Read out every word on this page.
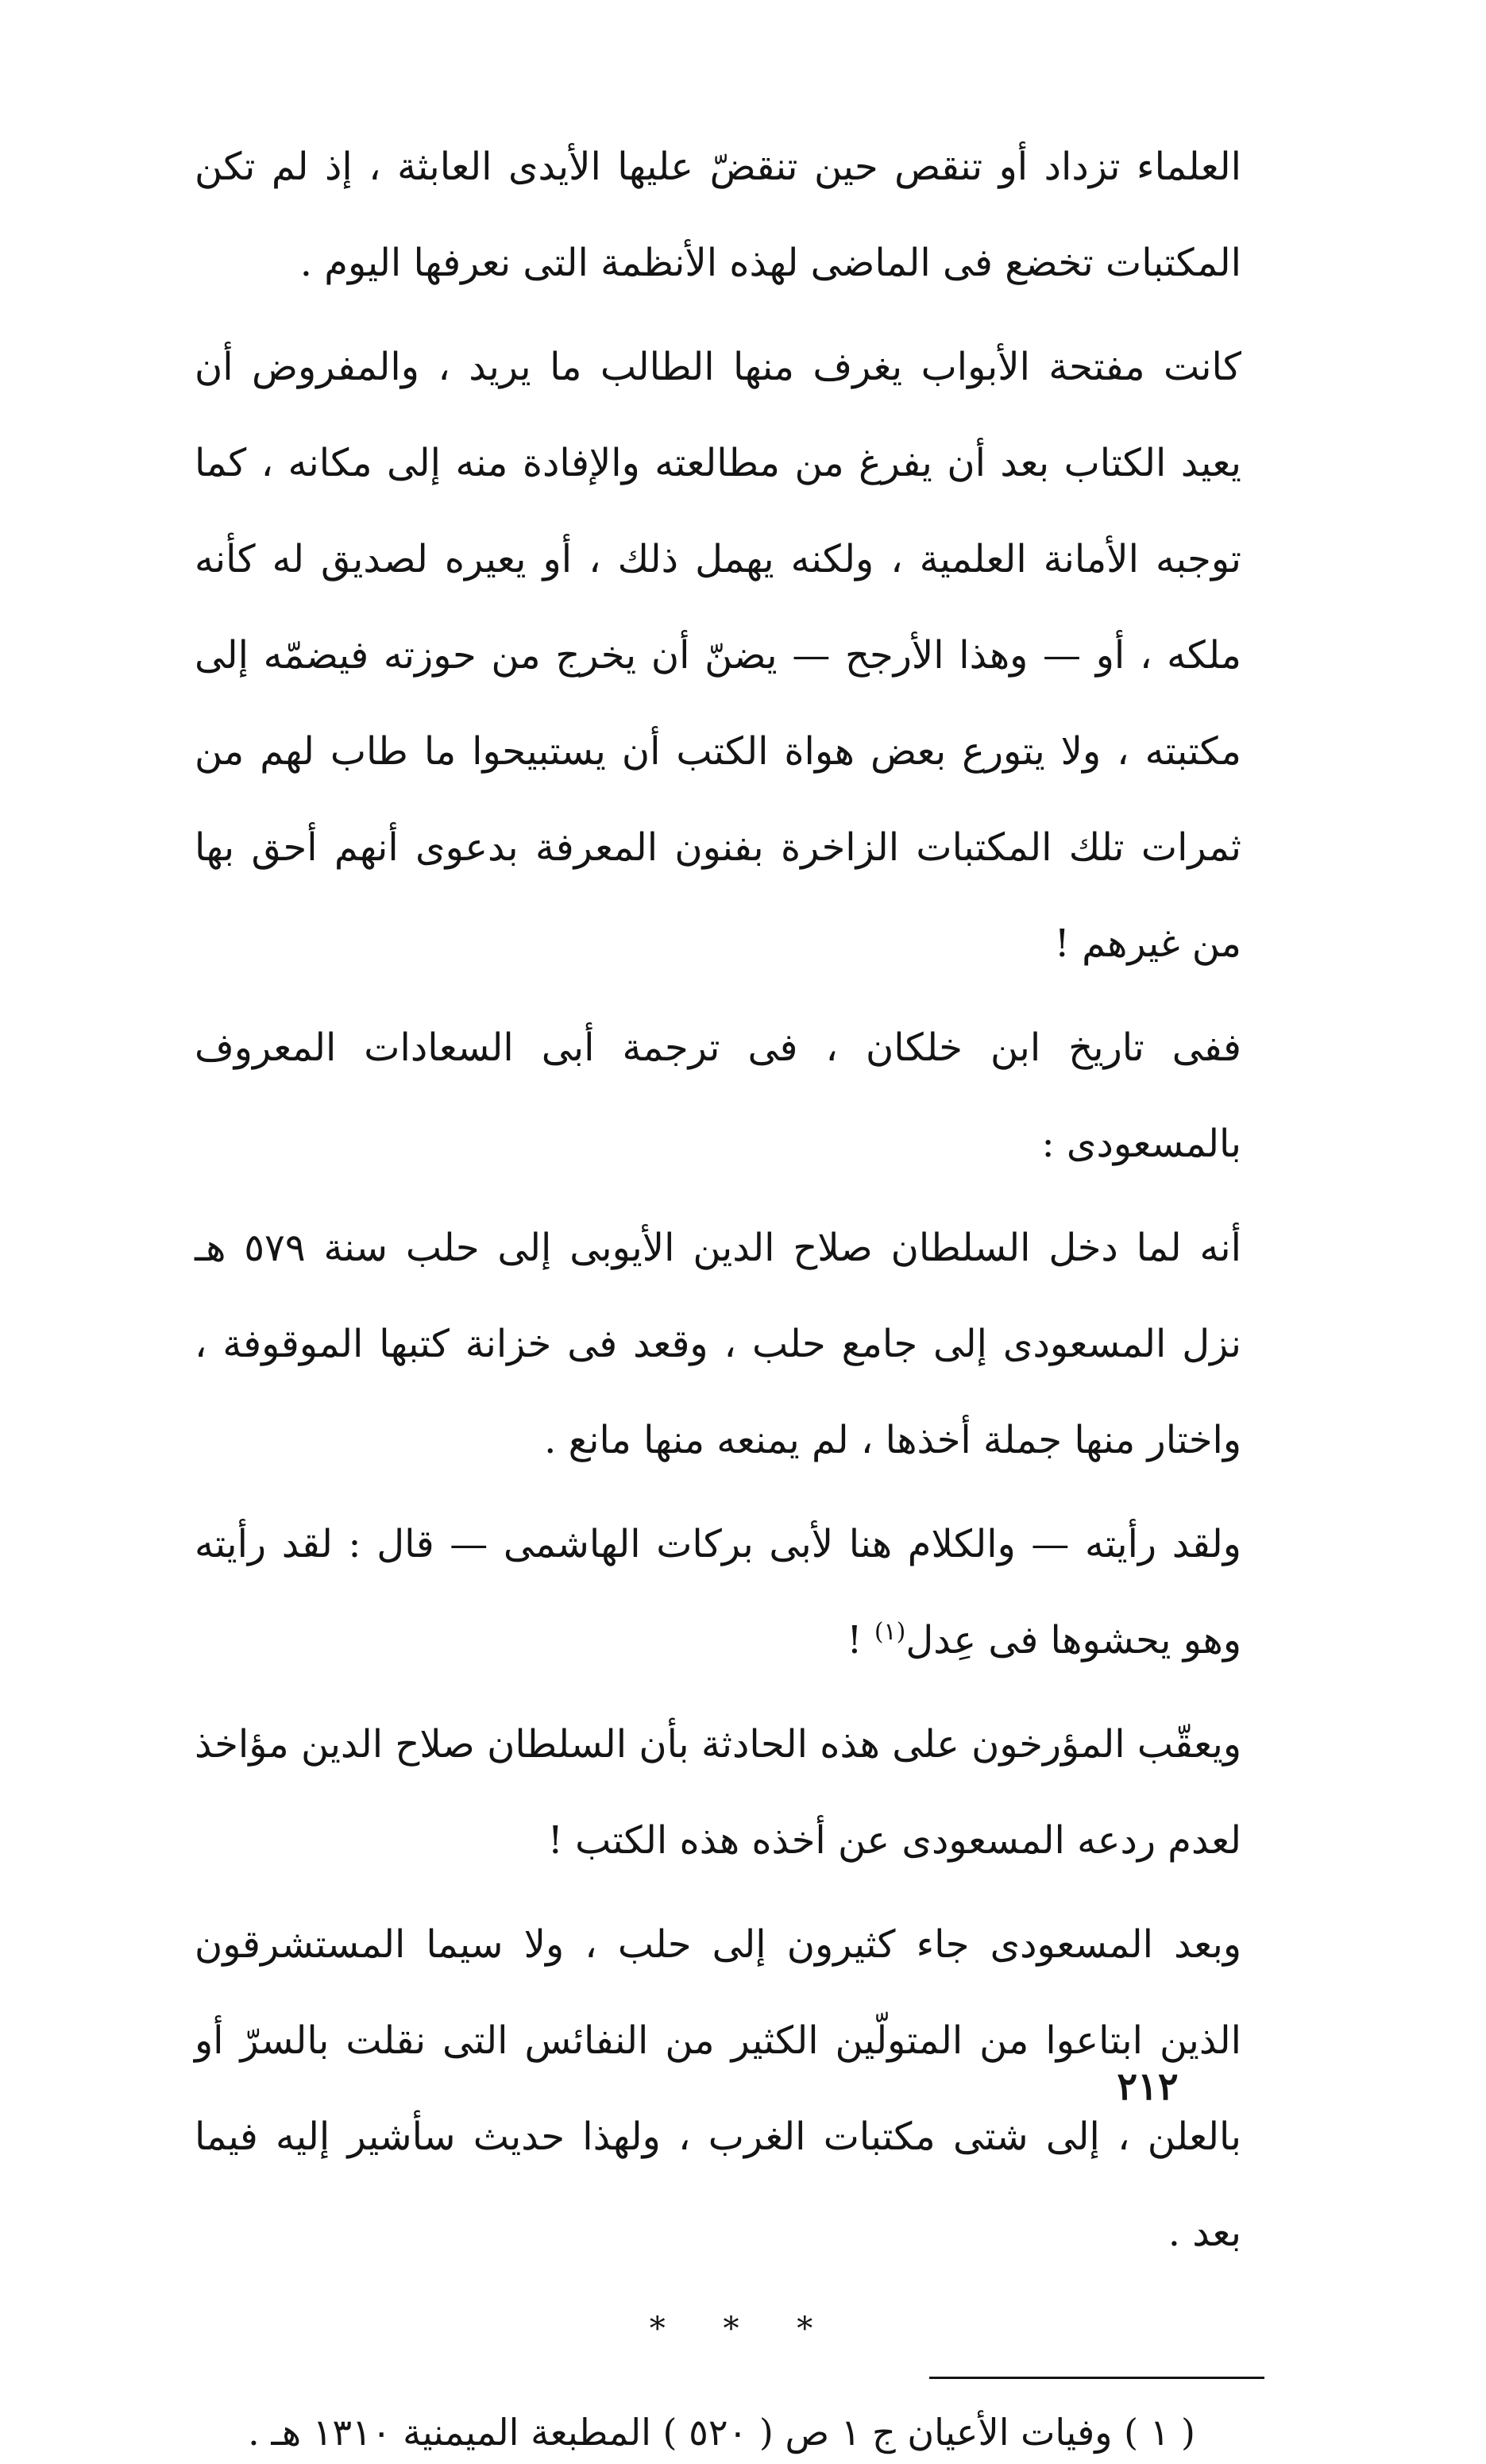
العلماء تزداد أو تنقص حين تنقضّ عليها الأيدى العابثة ، إذ لم تكن المكتبات تخضع فى الماضى لهذه الأنظمة التى نعرفها اليوم .

كانت مفتحة الأبواب يغرف منها الطالب ما يريد ، والمفروض أن يعيد الكتاب بعد أن يفرغ من مطالعته والإفادة منه إلى مكانه ، كما توجبه الأمانة العلمية ، ولكنه يهمل ذلك ، أو يعيره لصديق له كأنه ملكه ، أو — وهذا الأرجح — يضنّ أن يخرج من حوزته فيضمّه إلى مكتبته ، ولا يتورع بعض هواة الكتب أن يستبيحوا ما طاب لهم من ثمرات تلك المكتبات الزاخرة بفنون المعرفة بدعوى أنهم أحق بها من غيرهم !

ففى تاريخ ابن خلكان ، فى ترجمة أبى السعادات المعروف بالمسعودى :

أنه لما دخل السلطان صلاح الدين الأيوبى إلى حلب سنة ٥٧٩ هـ نزل المسعودى إلى جامع حلب ، وقعد فى خزانة كتبها الموقوفة ، واختار منها جملة أخذها ، لم يمنعه منها مانع .

ولقد رأيته — والكلام هنا لأبى بركات الهاشمى — قال : لقد رأيته وهو يحشوها فى عِدل$^{(١)}$ !

ويعقّب المؤرخون على هذه الحادثة بأن السلطان صلاح الدين مؤاخذ لعدم ردعه المسعودى عن أخذه هذه الكتب !

وبعد المسعودى جاء كثيرون إلى حلب ، ولا سيما المستشرقون الذين ابتاعوا من المتولّين الكثير من النفائس التى نقلت بالسرّ أو بالعلن ، إلى شتى مكتبات الغرب ، ولهذا حديث سأشير إليه فيما بعد .

* * *

( ١ ) وفيات الأعيان ج ١ ص ( ٥٢٠ ) المطبعة الميمنية ١٣١٠ هـ .

٢١٢
